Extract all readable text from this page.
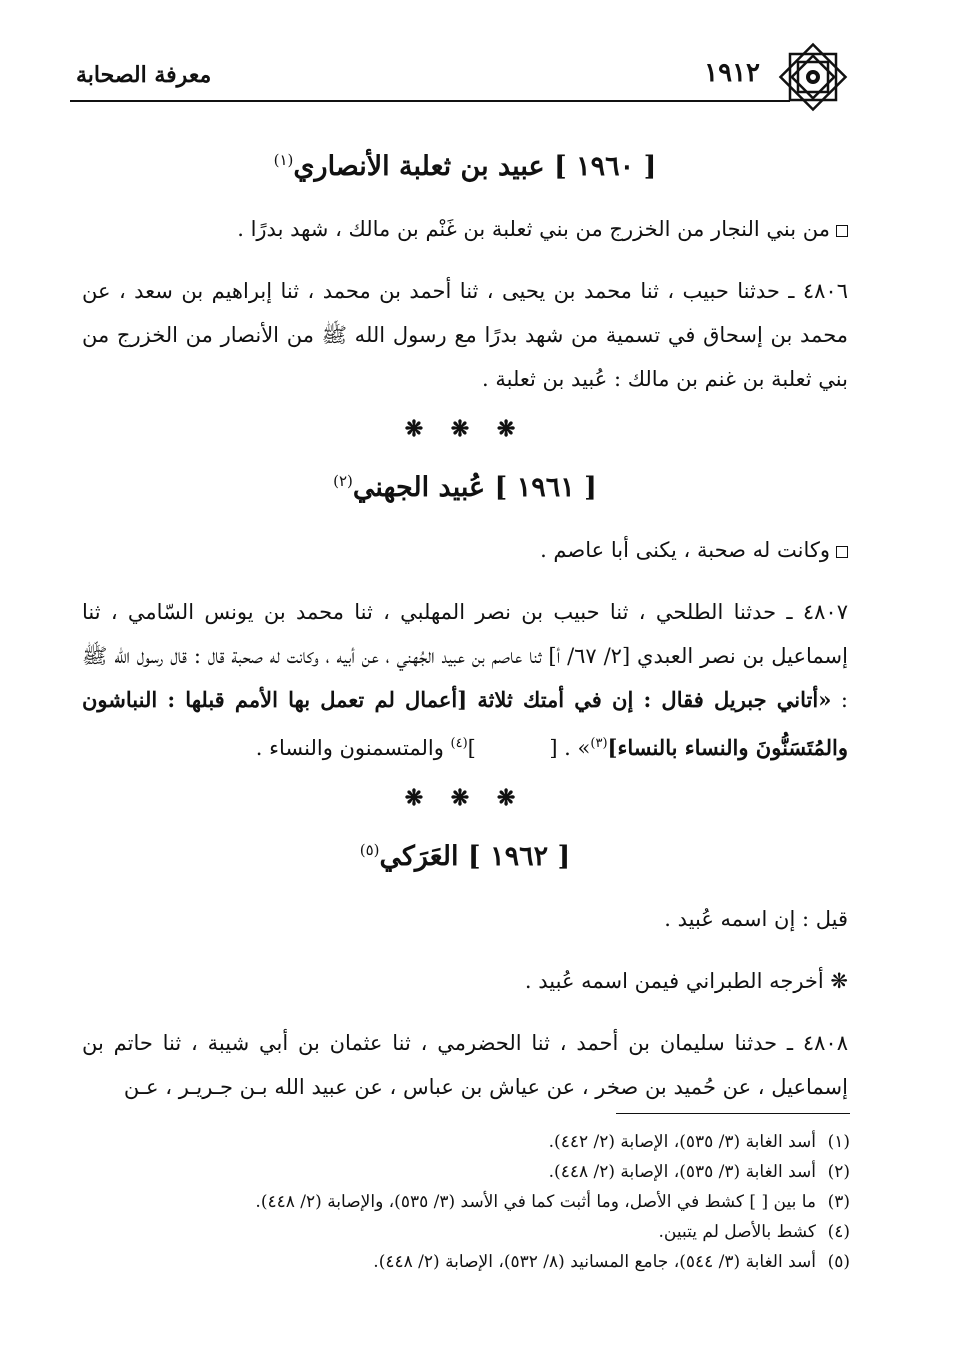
معرفة الصحابة	١٩١٢
[ ١٩٦٠ ] عبيد بن ثعلبة الأنصاري$^{(١)}$
من بني النجار من الخزرج من بني ثعلبة بن غَنْم بن مالك ، شهد بدرًا .
٤٨٠٦ ـ حدثنا حبيب ، ثنا محمد بن يحيى ، ثنا أحمد بن محمد ، ثنا إبراهيم بن سعد ، عن محمد بن إسحاق في تسمية من شهد بدرًا مع رسول الله ﷺ من الأنصار من الخزرج من بني ثعلبة بن غنم بن مالك : عُبيد بن ثعلبة .
❋ ❋ ❋
[ ١٩٦١ ] عُبيد الجهني$^{(٢)}$
وكانت له صحبة ، يكنى أبا عاصم .
٤٨٠٧ ـ حدثنا الطلحي ، ثنا حبيب بن نصر المهلبي ، ثنا محمد بن يونس السّامي ، ثنا إسماعيل بن نصر العبدي [٢/ ٦٧/ أ] ثنا عاصم بن عبيد الجُهني ، عن أبيه ، وكانت له صحبة قال : قال رسول الله ﷺ : «أتاني جبريل فقال : إن في أمتك ثلاثة [أعمال لم تعمل بها الأمم قبلها : النباشون والمُتَسَنُّونَ والنساء بالنساء]$^{(٣)}$» . [           ]$^{(٤)}$ والمتسمنون والنساء .
❋ ❋ ❋
[ ١٩٦٢ ] العَرَكي$^{(٥)}$
قيل : إن اسمه عُبيد .
❋ أخرجه الطبراني فيمن اسمه عُبيد .
٤٨٠٨ ـ حدثنا سليمان بن أحمد ، ثنا الحضرمي ، ثنا عثمان بن أبي شيبة ، ثنا حاتم بن إسماعيل ، عن حُميد بن صخر ، عن عياش بن عباس ، عن عبيد الله بـن جـريـر ، عـن
(١)أسد الغابة (٣/ ٥٣٥)، الإصابة (٢/ ٤٤٢).
(٢)أسد الغابة (٣/ ٥٣٥)، الإصابة (٢/ ٤٤٨).
(٣)ما بين [ ] كشط في الأصل، وما أثبت كما في الأسد (٣/ ٥٣٥)، والإصابة (٢/ ٤٤٨).
(٤)كشط بالأصل لم يتبين.
(٥)أسد الغابة (٣/ ٥٤٤)، جامع المسانيد (٨/ ٥٣٢)، الإصابة (٢/ ٤٤٨).
